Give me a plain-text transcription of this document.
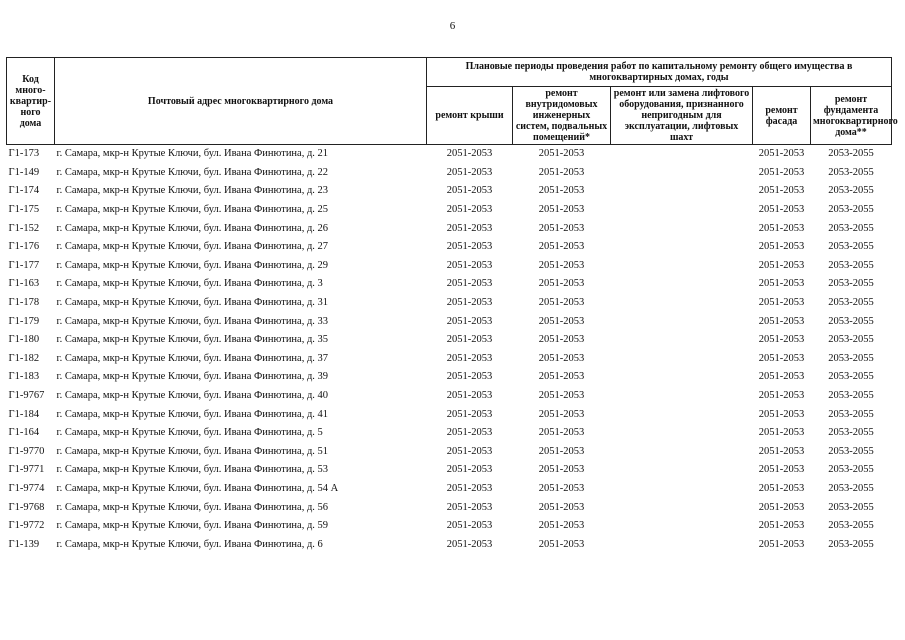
6
Код много-квартир-ного дома	Почтовый адрес многоквартирного дома	Плановые периоды проведения работ по капитальному ремонту общего имущества в многоквартирных домах, годы				
		ремонт крыши	ремонт внутридомовых инженерных систем, подвальных помещений*	ремонт или замена лифтового оборудования, признанного непригодным для эксплуатации, лифтовых шахт	ремонт фасада	ремонт фундамента многоквартирного дома**
Г1-173	г. Самара, мкр-н Крутые Ключи, бул. Ивана Финютина, д. 21	2051-2053	2051-2053		2051-2053	2053-2055
Г1-149	г. Самара, мкр-н Крутые Ключи, бул. Ивана Финютина, д. 22	2051-2053	2051-2053		2051-2053	2053-2055
Г1-174	г. Самара, мкр-н Крутые Ключи, бул. Ивана Финютина, д. 23	2051-2053	2051-2053		2051-2053	2053-2055
Г1-175	г. Самара, мкр-н Крутые Ключи, бул. Ивана Финютина, д. 25	2051-2053	2051-2053		2051-2053	2053-2055
Г1-152	г. Самара, мкр-н Крутые Ключи, бул. Ивана Финютина, д. 26	2051-2053	2051-2053		2051-2053	2053-2055
Г1-176	г. Самара, мкр-н Крутые Ключи, бул. Ивана Финютина, д. 27	2051-2053	2051-2053		2051-2053	2053-2055
Г1-177	г. Самара, мкр-н Крутые Ключи, бул. Ивана Финютина, д. 29	2051-2053	2051-2053		2051-2053	2053-2055
Г1-163	г. Самара, мкр-н Крутые Ключи, бул. Ивана Финютина, д. 3	2051-2053	2051-2053		2051-2053	2053-2055
Г1-178	г. Самара, мкр-н Крутые Ключи, бул. Ивана Финютина, д. 31	2051-2053	2051-2053		2051-2053	2053-2055
Г1-179	г. Самара, мкр-н Крутые Ключи, бул. Ивана Финютина, д. 33	2051-2053	2051-2053		2051-2053	2053-2055
Г1-180	г. Самара, мкр-н Крутые Ключи, бул. Ивана Финютина, д. 35	2051-2053	2051-2053		2051-2053	2053-2055
Г1-182	г. Самара, мкр-н Крутые Ключи, бул. Ивана Финютина, д. 37	2051-2053	2051-2053		2051-2053	2053-2055
Г1-183	г. Самара, мкр-н Крутые Ключи, бул. Ивана Финютина, д. 39	2051-2053	2051-2053		2051-2053	2053-2055
Г1-9767	г. Самара, мкр-н Крутые Ключи, бул. Ивана Финютина, д. 40	2051-2053	2051-2053		2051-2053	2053-2055
Г1-184	г. Самара, мкр-н Крутые Ключи, бул. Ивана Финютина, д. 41	2051-2053	2051-2053		2051-2053	2053-2055
Г1-164	г. Самара, мкр-н Крутые Ключи, бул. Ивана Финютина, д. 5	2051-2053	2051-2053		2051-2053	2053-2055
Г1-9770	г. Самара, мкр-н Крутые Ключи, бул. Ивана Финютина, д. 51	2051-2053	2051-2053		2051-2053	2053-2055
Г1-9771	г. Самара, мкр-н Крутые Ключи, бул. Ивана Финютина, д. 53	2051-2053	2051-2053		2051-2053	2053-2055
Г1-9774	г. Самара, мкр-н Крутые Ключи, бул. Ивана Финютина, д. 54 А	2051-2053	2051-2053		2051-2053	2053-2055
Г1-9768	г. Самара, мкр-н Крутые Ключи, бул. Ивана Финютина, д. 56	2051-2053	2051-2053		2051-2053	2053-2055
Г1-9772	г. Самара, мкр-н Крутые Ключи, бул. Ивана Финютина, д. 59	2051-2053	2051-2053		2051-2053	2053-2055
Г1-139	г. Самара, мкр-н Крутые Ключи, бул. Ивана Финютина, д. 6	2051-2053	2051-2053		2051-2053	2053-2055
